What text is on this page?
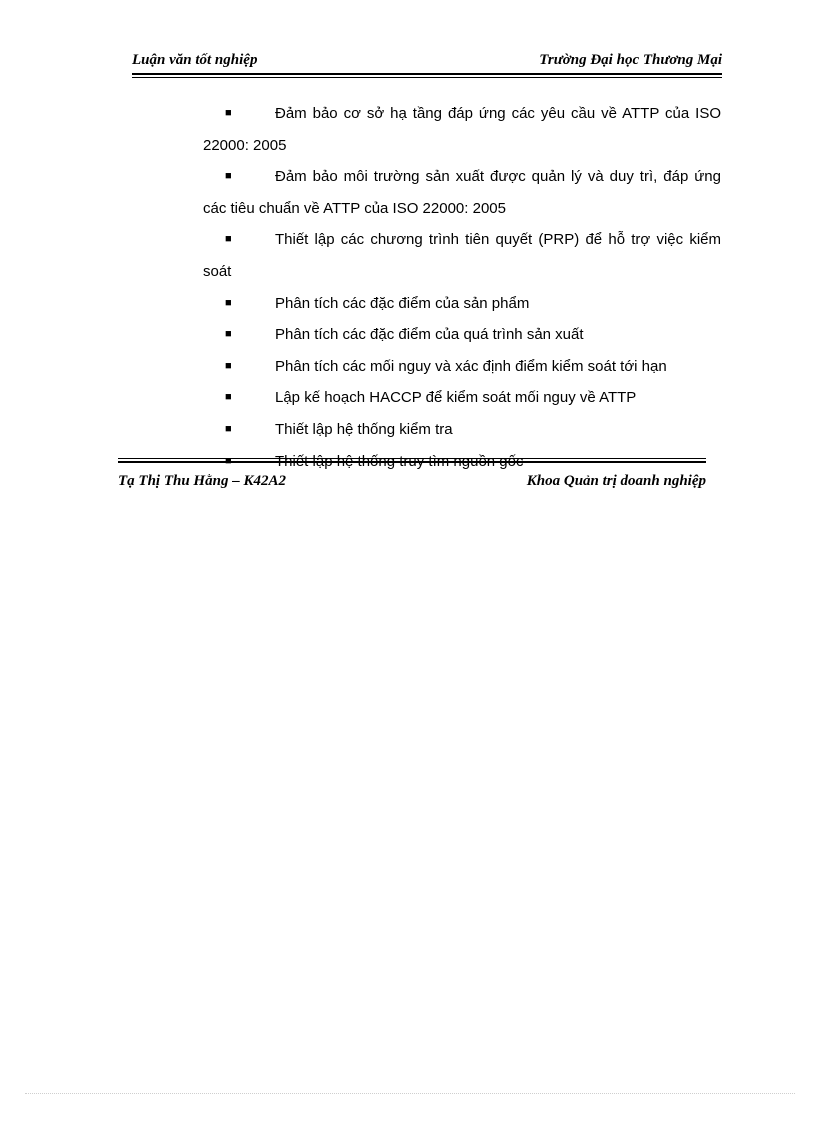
Luận văn tốt nghiệp	Trường Đại học Thương Mại

■	Đảm bảo cơ sở hạ tầng đáp ứng các yêu cầu về ATTP của ISO 22000: 2005

■	Đảm bảo môi trường sản xuất được quản lý và duy trì, đáp ứng các tiêu chuẩn về ATTP của ISO 22000: 2005

■	Thiết lập các chương trình tiên quyết (PRP) để hỗ trợ việc kiểm soát

■	Phân tích các đặc điểm của sản phẩm

■	Phân tích các đặc điểm của quá trình sản xuất

■	Phân tích các mối nguy và xác định điểm kiểm soát tới hạn

■	Lập kế hoạch HACCP để kiểm soát mối nguy về ATTP

■	Thiết lập hệ thống kiểm tra

Tạ Thị Thu Hằng – K42A2	Khoa Quản trị doanh nghiệp
